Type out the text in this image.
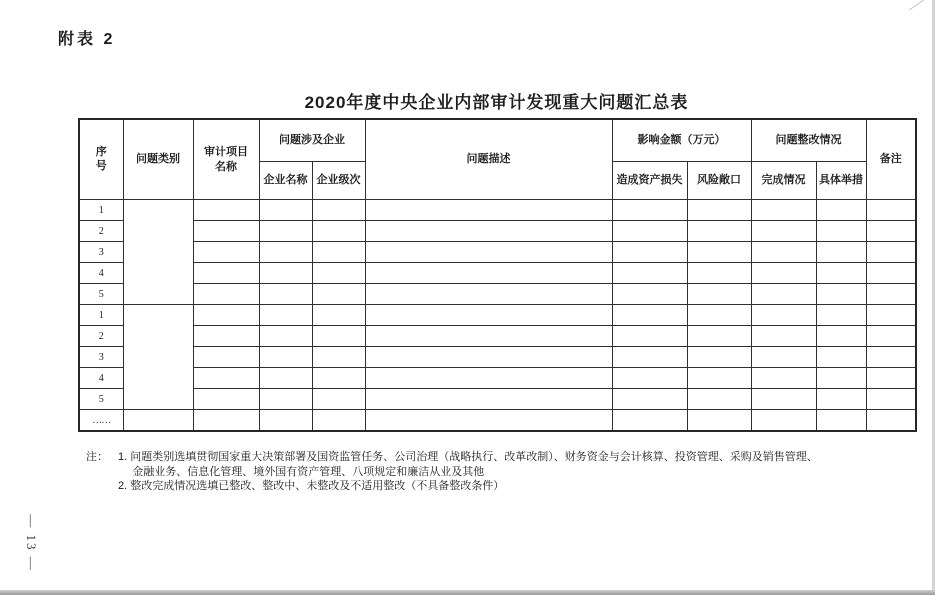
附表 2
2020年度中央企业内部审计发现重大问题汇总表
序号	问题类别	审计项目名称	问题涉及企业		问题描述	影响金额（万元）		问题整改情况		备注
			企业名称	企业级次		造成资产损失	风险敞口	完成情况	具体举措	
1										
2										
3										
4										
5										
1										
2										
3										
4										
5										
……										
注： 1. 问题类别选填贯彻国家重大决策部署及国资监管任务、公司治理（战略执行、改革改制）、财务资金与会计核算、投资管理、采购及销售管理、金融业务、信息化管理、境外国有资产管理、八项规定和廉洁从业及其他
2. 整改完成情况选填已整改、整改中、未整改及不适用整改（不具备整改条件）
— 13 —
